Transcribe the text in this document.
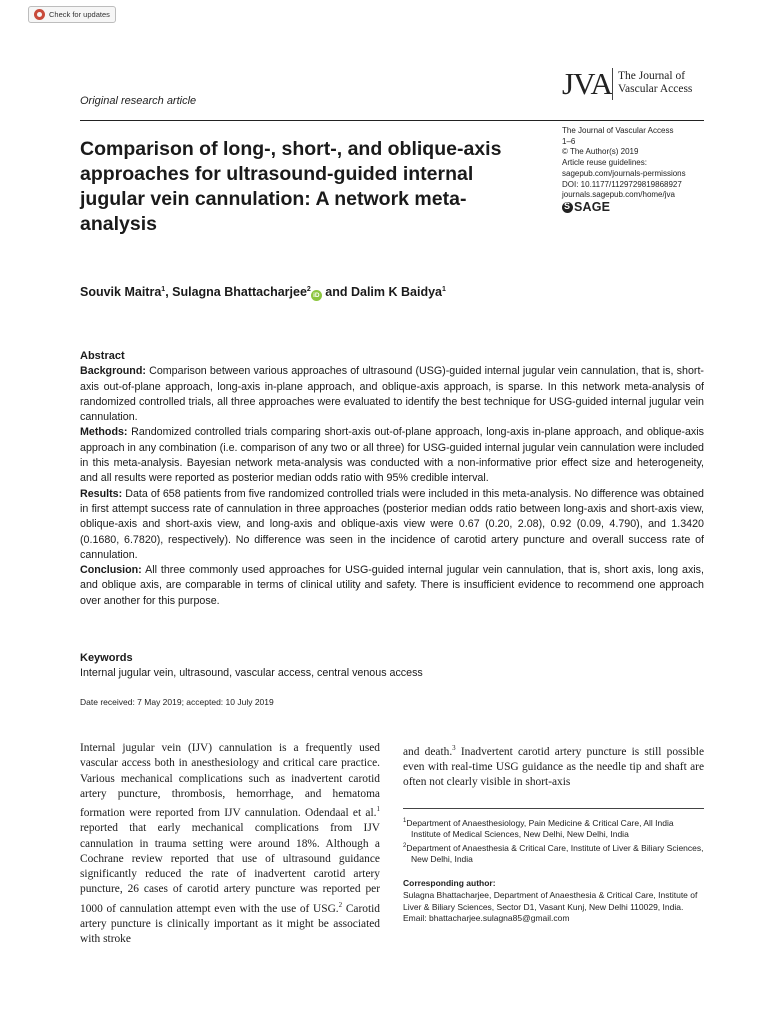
Check for updates
JVA The Journal of
Vascular Access
Original research article
Comparison of long-, short-, and oblique-axis approaches for ultrasound-guided internal jugular vein cannulation: A network meta-analysis
The Journal of Vascular Access
1–6
© The Author(s) 2019
Article reuse guidelines:
sagepub.com/journals-permissions
DOI: 10.1177/1129729819868927
journals.sagepub.com/home/jva
S
SAGE
Souvik Maitra$^1$, Sulagna Bhattacharjee$^2$iD and Dalim K Baidya$^1$
Abstract

Background: Comparison between various approaches of ultrasound (USG)-guided internal jugular vein cannulation, that is, short-axis out-of-plane approach, long-axis in-plane approach, and oblique-axis approach, is sparse. In this network meta-analysis of randomized controlled trials, all three approaches were evaluated to identify the best technique for USG-guided internal jugular vein cannulation.

Methods: Randomized controlled trials comparing short-axis out-of-plane approach, long-axis in-plane approach, and oblique-axis approach in any combination (i.e. comparison of any two or all three) for USG-guided internal jugular vein cannulation were included in this meta-analysis. Bayesian network meta-analysis was conducted with a non-informative prior effect size and heterogeneity, and all results were reported as posterior median odds ratio with 95% credible interval.

Results: Data of 658 patients from five randomized controlled trials were included in this meta-analysis. No difference was obtained in first attempt success rate of cannulation in three approaches (posterior median odds ratio between long-axis and short-axis view, oblique-axis and short-axis view, and long-axis and oblique-axis view were 0.67 (0.20, 2.08), 0.92 (0.09, 4.790), and 1.3420 (0.1680, 6.7820), respectively). No difference was seen in the incidence of carotid artery puncture and overall success rate of cannulation.

Conclusion: All three commonly used approaches for USG-guided internal jugular vein cannulation, that is, short axis, long axis, and oblique axis, are comparable in terms of clinical utility and safety. There is insufficient evidence to recommend one approach over another for this purpose.

Keywords
Internal jugular vein, ultrasound, vascular access, central venous access
Date received: 7 May 2019; accepted: 10 July 2019
Internal jugular vein (IJV) cannulation is a frequently used vascular access both in anesthesiology and critical care practice. Various mechanical complications such as inadvertent carotid artery puncture, thrombosis, hemorrhage, and hematoma formation were reported from IJV cannulation. Odendaal et al.$^1$ reported that early mechanical complications from IJV cannulation in trauma setting were around 18%. Although a Cochrane review reported that use of ultrasound guidance significantly reduced the rate of inadvertent carotid artery puncture, 26 cases of carotid artery puncture was reported per 1000 of cannulation attempt even with the use of USG.$^2$ Carotid artery puncture is clinically important as it might be associated with stroke
and death.$^3$ Inadvertent carotid artery puncture is still possible even with real-time USG guidance as the needle tip and shaft are often not clearly visible in short-axis
$^1$Department of Anaesthesiology, Pain Medicine & Critical Care, All India Institute of Medical Sciences, New Delhi, New Delhi, India
$^2$Department of Anaesthesia & Critical Care, Institute of Liver & Biliary Sciences, New Delhi, India
Corresponding author:
Sulagna Bhattacharjee, Department of Anaesthesia & Critical Care, Institute of Liver & Biliary Sciences, Sector D1, Vasant Kunj, New Delhi 110029, India.
Email: bhattacharjee.sulagna85@gmail.com
